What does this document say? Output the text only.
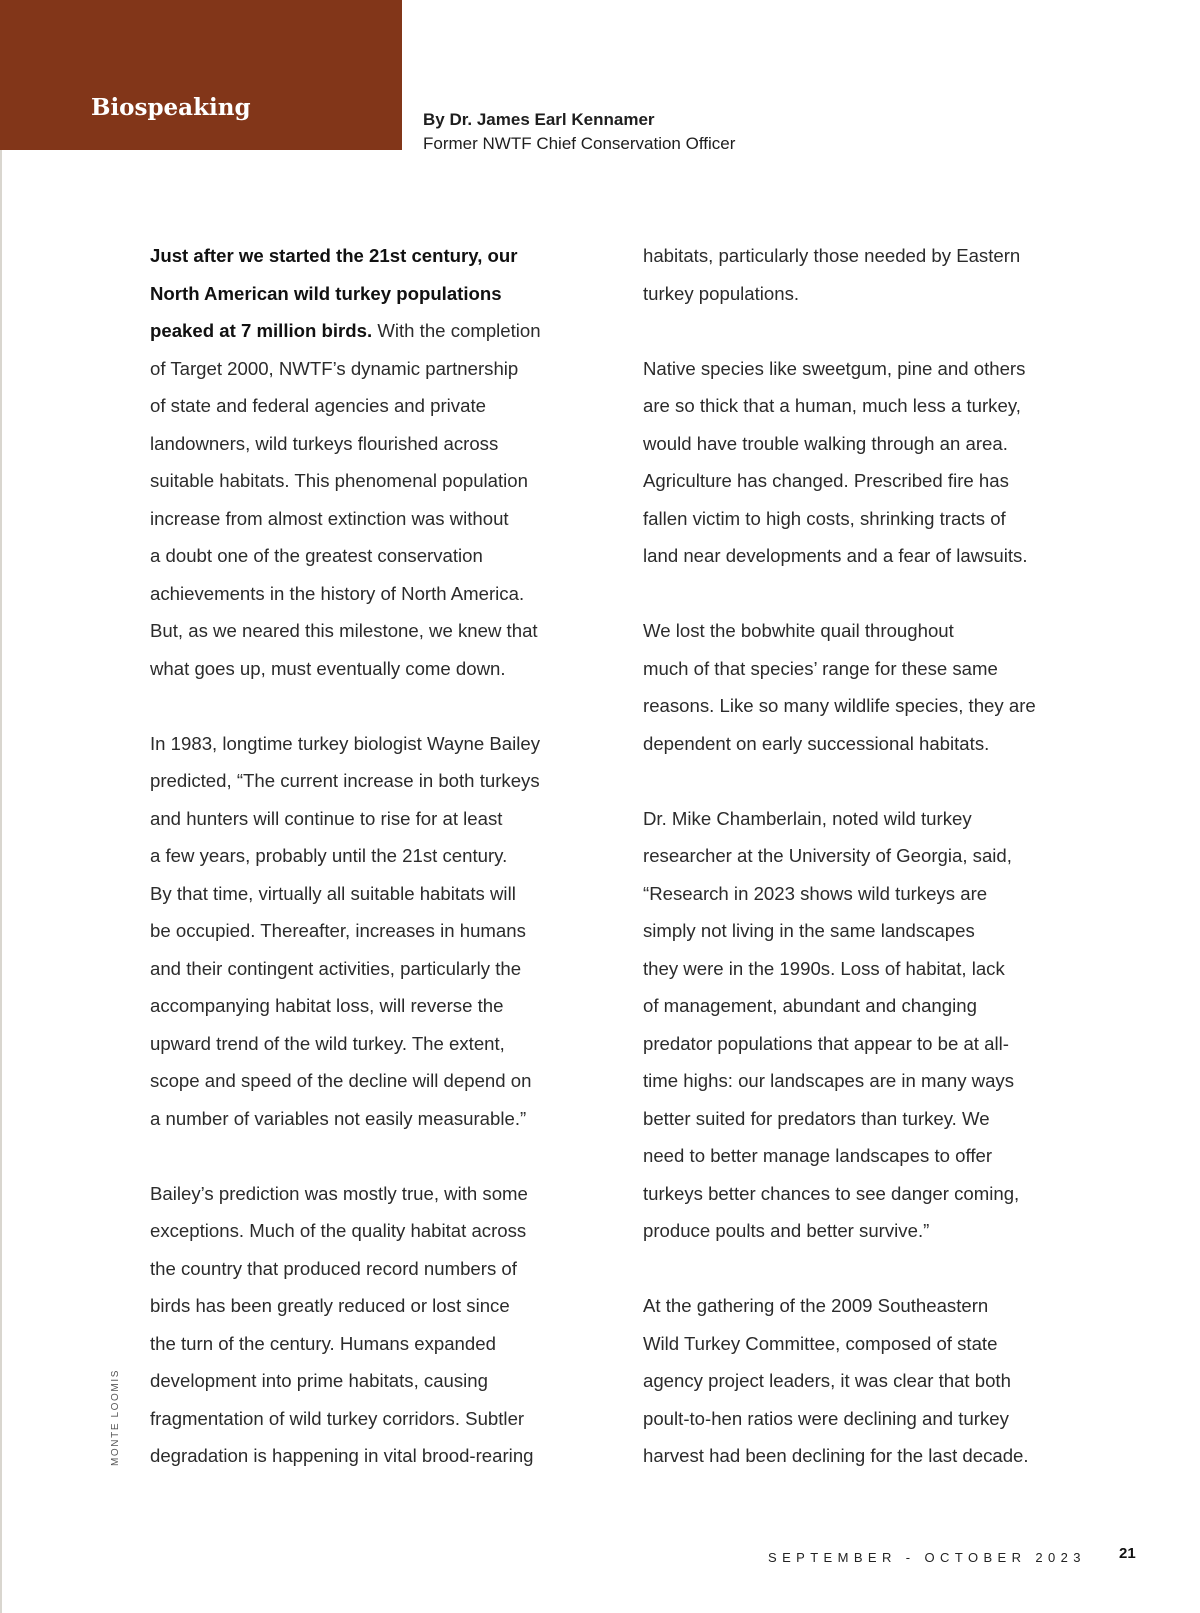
Biospeaking	By Dr. James Earl Kennamer
Former NWTF Chief Conservation Officer

Just after we started the 21st century, our
North American wild turkey populations
peaked at 7 million birds. With the completion
of Target 2000, NWTF’s dynamic partnership
of state and federal agencies and private
landowners, wild turkeys flourished across
suitable habitats. This phenomenal population
increase from almost extinction was without
a doubt one of the greatest conservation
achievements in the history of North America.
But, as we neared this milestone, we knew that
what goes up, must eventually come down.

In 1983, longtime turkey biologist Wayne Bailey
predicted, “The current increase in both turkeys
and hunters will continue to rise for at least
a few years, probably until the 21st century.
By that time, virtually all suitable habitats will
be occupied. Thereafter, increases in humans
and their contingent activities, particularly the
accompanying habitat loss, will reverse the
upward trend of the wild turkey. The extent,
scope and speed of the decline will depend on
a number of variables not easily measurable.”

Bailey’s prediction was mostly true, with some
exceptions. Much of the quality habitat across
the country that produced record numbers of
birds has been greatly reduced or lost since
the turn of the century. Humans expanded
development into prime habitats, causing
fragmentation of wild turkey corridors. Subtler
degradation is happening in vital brood-rearing

habitats, particularly those needed by Eastern
turkey populations.

Native species like sweetgum, pine and others
are so thick that a human, much less a turkey,
would have trouble walking through an area.
Agriculture has changed. Prescribed fire has
fallen victim to high costs, shrinking tracts of
land near developments and a fear of lawsuits.

We lost the bobwhite quail throughout
much of that species’ range for these same
reasons. Like so many wildlife species, they are
dependent on early successional habitats.

Dr. Mike Chamberlain, noted wild turkey
researcher at the University of Georgia, said,
“Research in 2023 shows wild turkeys are
simply not living in the same landscapes
they were in the 1990s. Loss of habitat, lack
of management, abundant and changing
predator populations that appear to be at all-
time highs: our landscapes are in many ways
better suited for predators than turkey. We
need to better manage landscapes to offer
turkeys better chances to see danger coming,
produce poults and better survive.”

At the gathering of the 2009 Southeastern
Wild Turkey Committee, composed of state
agency project leaders, it was clear that both
poult-to-hen ratios were declining and turkey
harvest had been declining for the last decade.

MONTE LOOMIS
SEPTEMBER - OCTOBER 2023 21
